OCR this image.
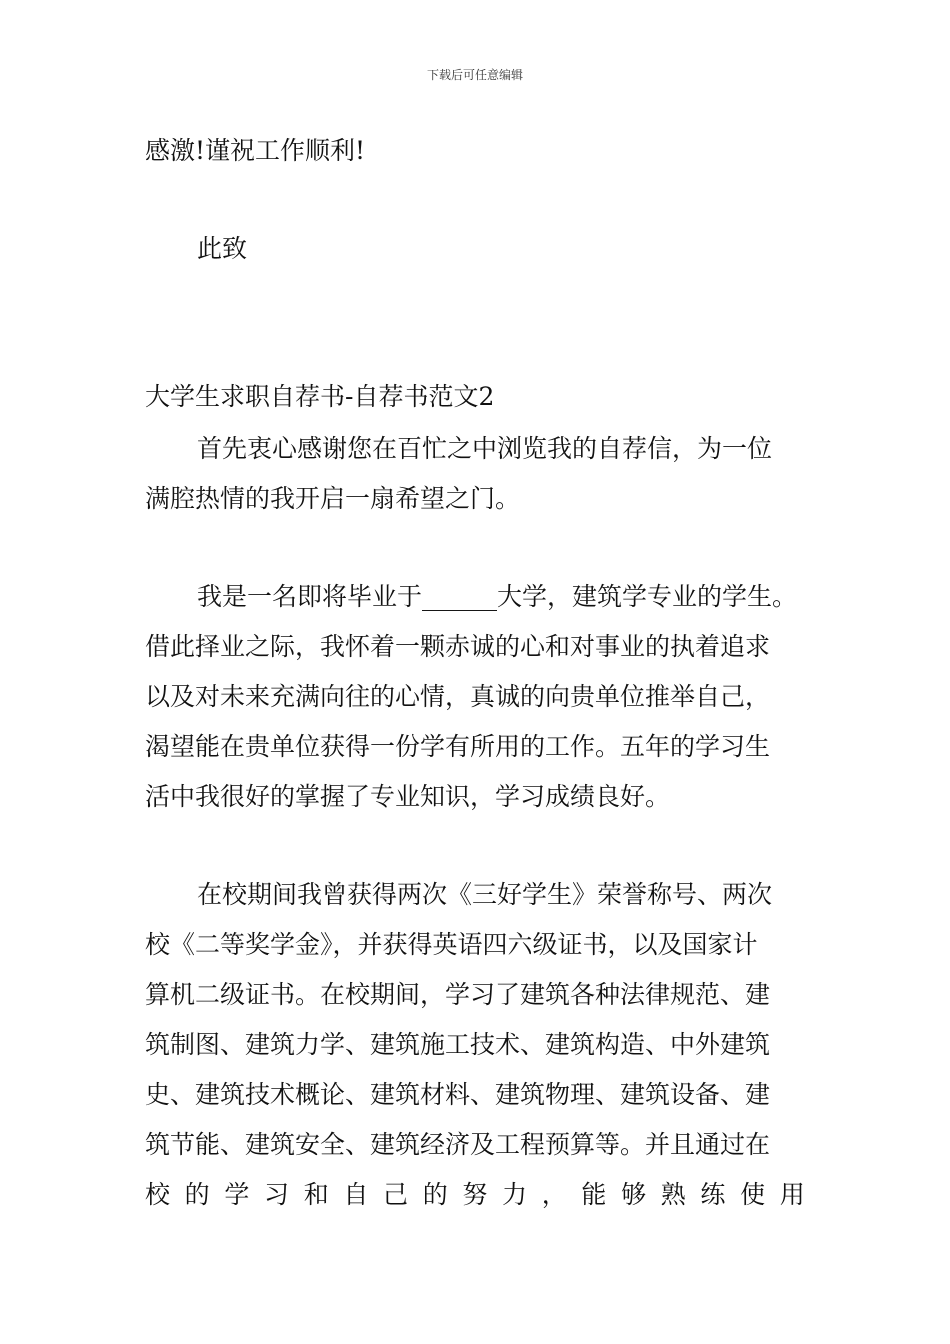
下载后可任意编辑
感激!谨祝工作顺利!
此致
大学生求职自荐书-自荐书范文2
首先衷心感谢您在百忙之中浏览我的自荐信，为一位
满腔热情的我开启一扇希望之门。
我是一名即将毕业于______大学，建筑学专业的学生。
借此择业之际，我怀着一颗赤诚的心和对事业的执着追求
以及对未来充满向往的心情，真诚的向贵单位推举自己，
渴望能在贵单位获得一份学有所用的工作。五年的学习生
活中我很好的掌握了专业知识，学习成绩良好。
在校期间我曾获得两次《三好学生》荣誉称号、两次
校《二等奖学金》，并获得英语四六级证书，以及国家计
算机二级证书。在校期间，学习了建筑各种法律规范、建
筑制图、建筑力学、建筑施工技术、建筑构造、中外建筑
史、建筑技术概论、建筑材料、建筑物理、建筑设备、建
筑节能、建筑安全、建筑经济及工程预算等。并且通过在
校 的 学 习 和 自 己 的 努 力 ， 能 够 熟 练 使 用
